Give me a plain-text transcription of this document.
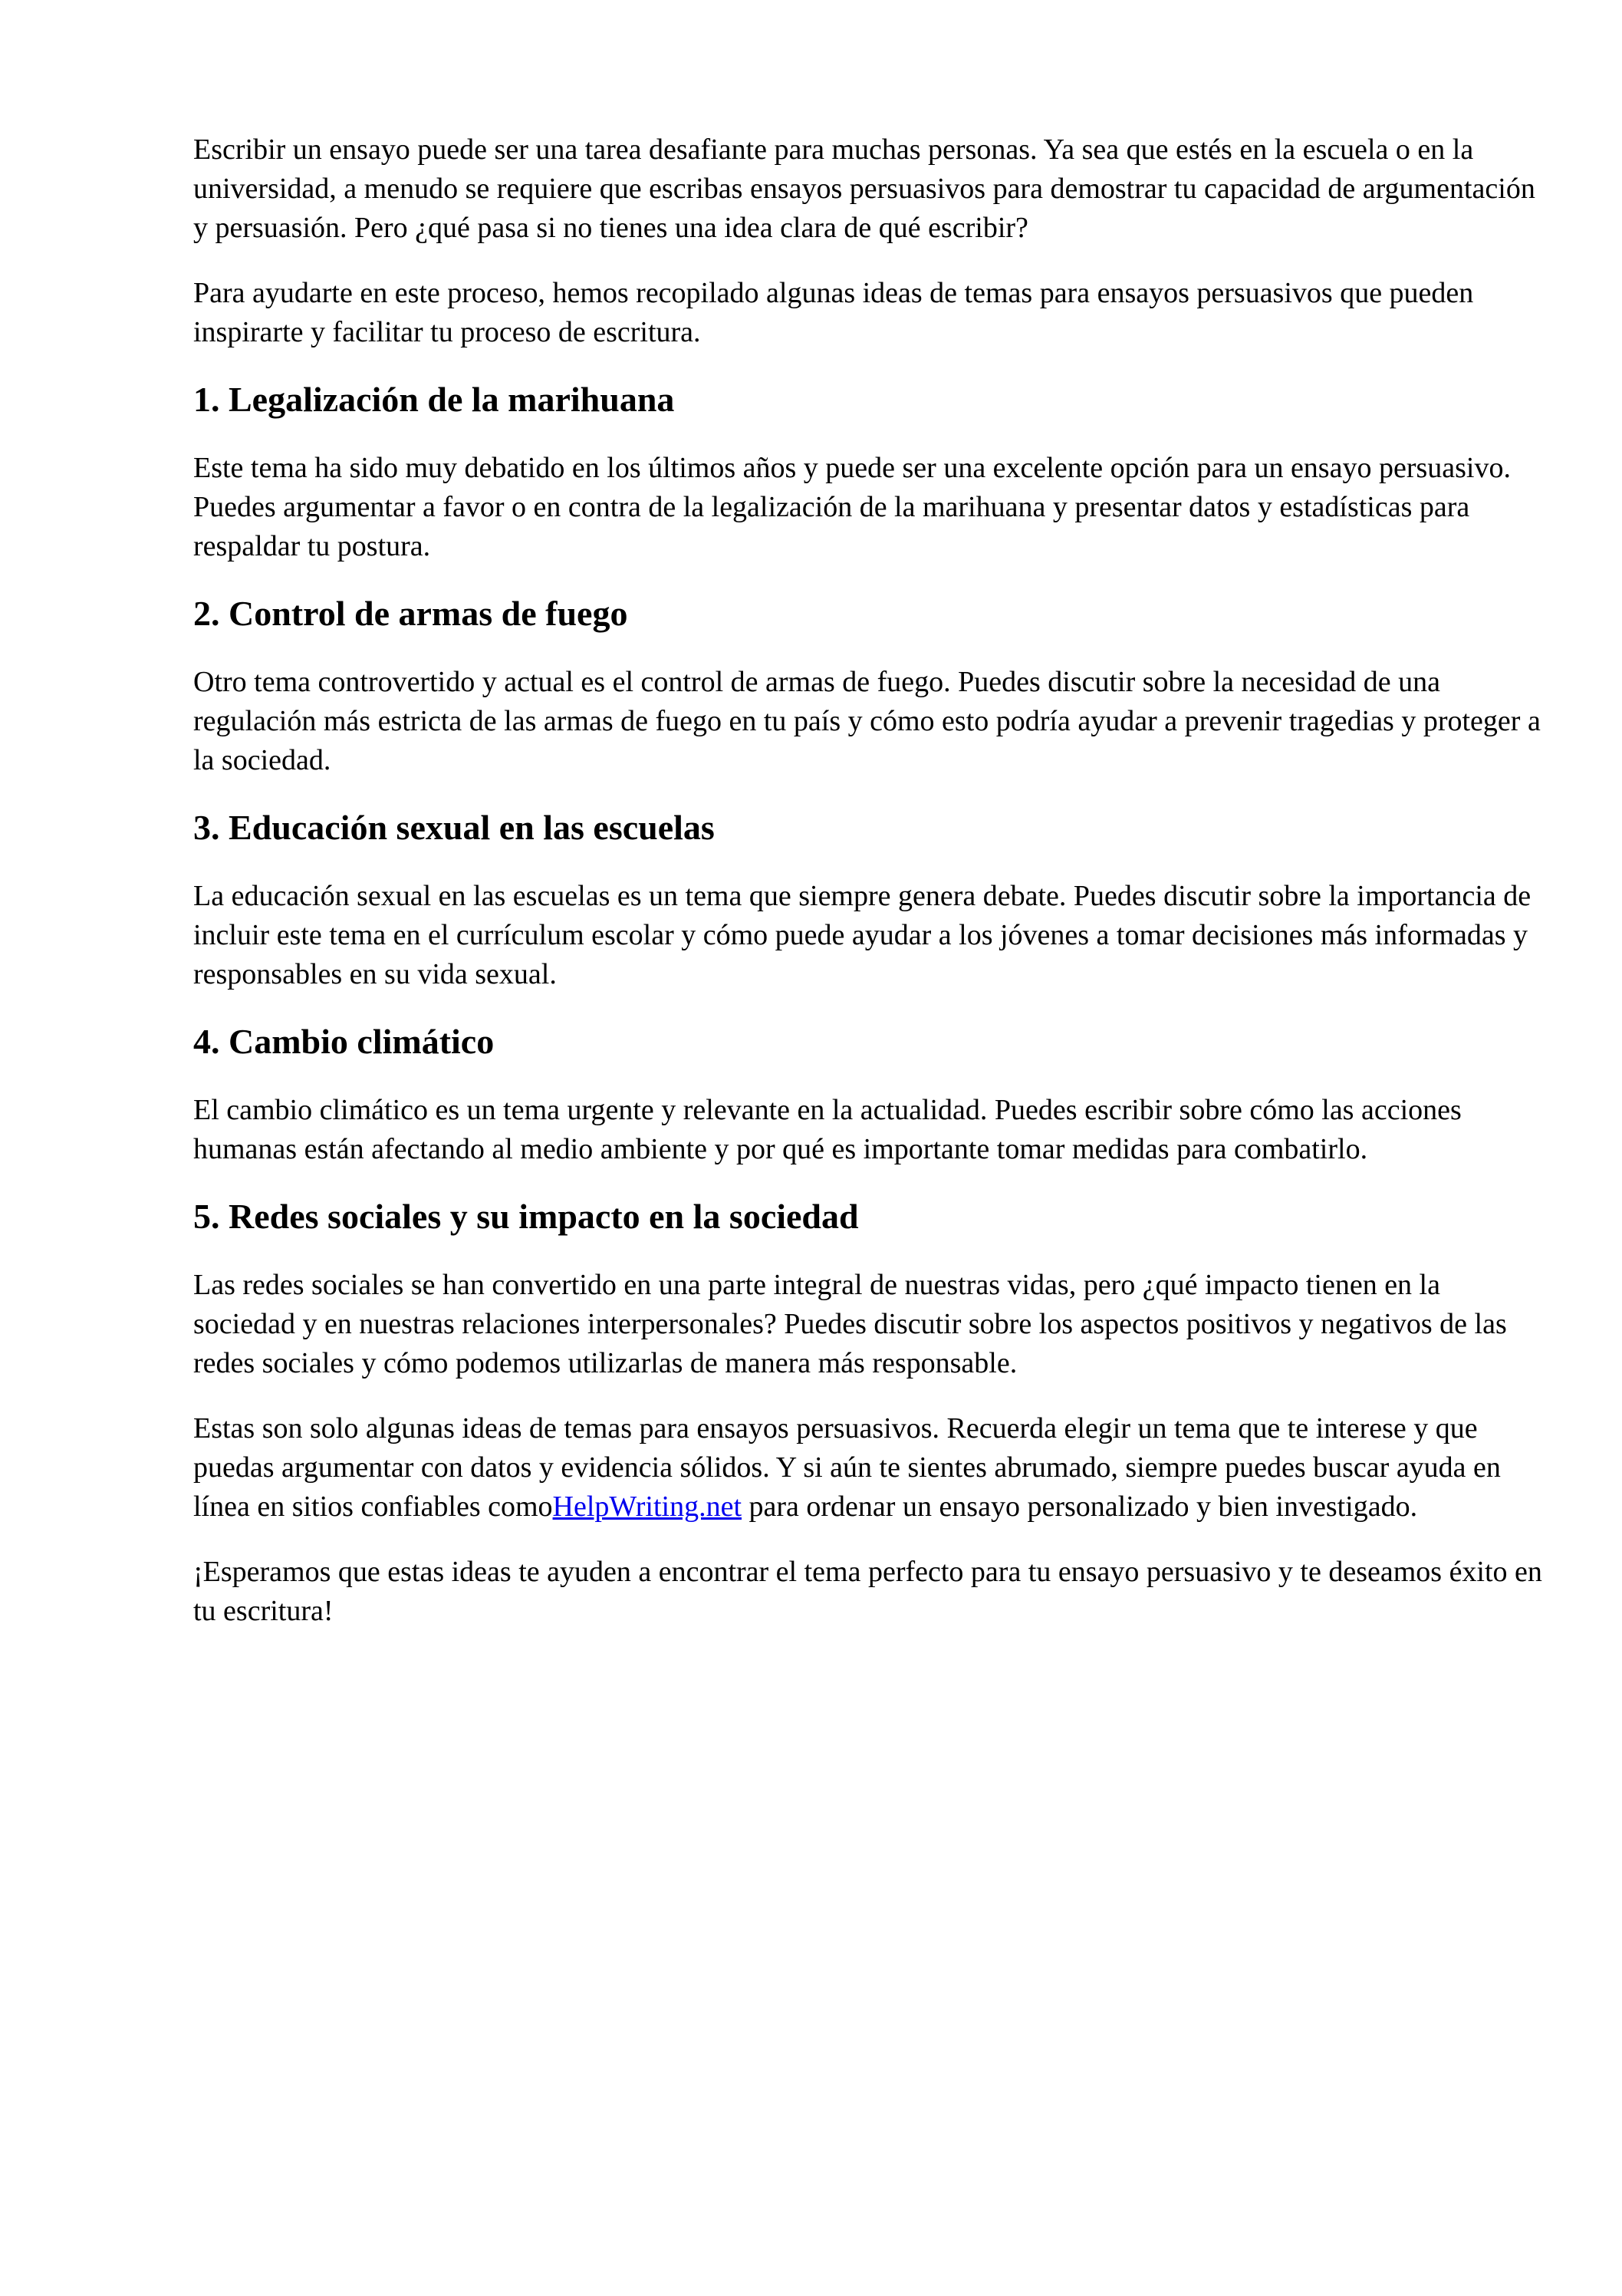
Escribir un ensayo puede ser una tarea desafiante para muchas personas. Ya sea que estés en la escuela o en la universidad, a menudo se requiere que escribas ensayos persuasivos para demostrar tu capacidad de argumentación y persuasión. Pero ¿qué pasa si no tienes una idea clara de qué escribir?

Para ayudarte en este proceso, hemos recopilado algunas ideas de temas para ensayos persuasivos que pueden inspirarte y facilitar tu proceso de escritura.

1. Legalización de la marihuana

Este tema ha sido muy debatido en los últimos años y puede ser una excelente opción para un ensayo persuasivo. Puedes argumentar a favor o en contra de la legalización de la marihuana y presentar datos y estadísticas para respaldar tu postura.

2. Control de armas de fuego

Otro tema controvertido y actual es el control de armas de fuego. Puedes discutir sobre la necesidad de una regulación más estricta de las armas de fuego en tu país y cómo esto podría ayudar a prevenir tragedias y proteger a la sociedad.

3. Educación sexual en las escuelas

La educación sexual en las escuelas es un tema que siempre genera debate. Puedes discutir sobre la importancia de incluir este tema en el currículum escolar y cómo puede ayudar a los jóvenes a tomar decisiones más informadas y responsables en su vida sexual.

4. Cambio climático

El cambio climático es un tema urgente y relevante en la actualidad. Puedes escribir sobre cómo las acciones humanas están afectando al medio ambiente y por qué es importante tomar medidas para combatirlo.

5. Redes sociales y su impacto en la sociedad

Las redes sociales se han convertido en una parte integral de nuestras vidas, pero ¿qué impacto tienen en la sociedad y en nuestras relaciones interpersonales? Puedes discutir sobre los aspectos positivos y negativos de las redes sociales y cómo podemos utilizarlas de manera más responsable.

Estas son solo algunas ideas de temas para ensayos persuasivos. Recuerda elegir un tema que te interese y que puedas argumentar con datos y evidencia sólidos. Y si aún te sientes abrumado, siempre puedes buscar ayuda en línea en sitios confiables comoHelpWriting.net para ordenar un ensayo personalizado y bien investigado.

¡Esperamos que estas ideas te ayuden a encontrar el tema perfecto para tu ensayo persuasivo y te deseamos éxito en tu escritura!
